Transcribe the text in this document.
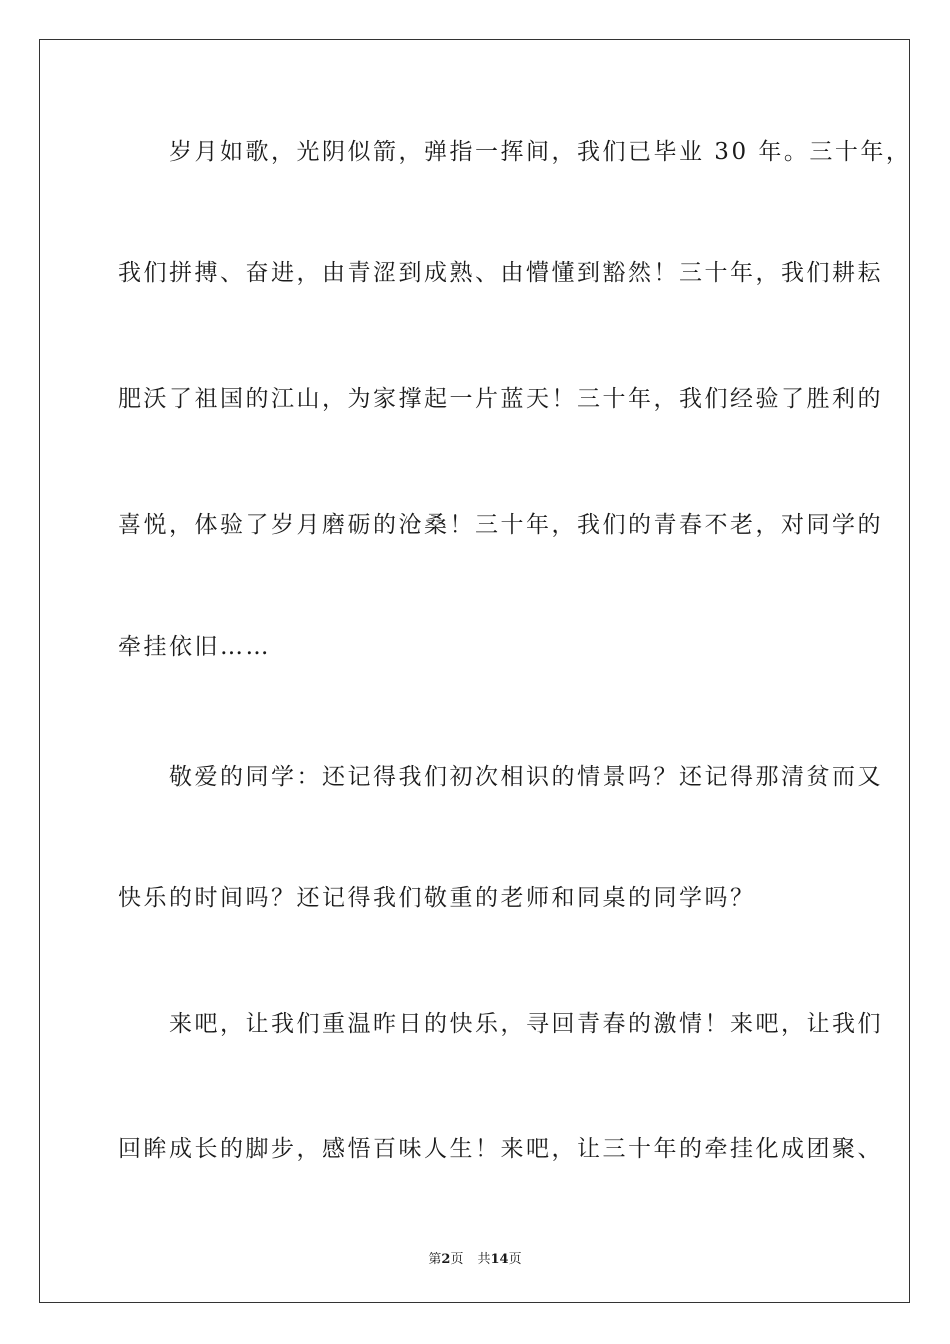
　　岁月如歌，光阴似箭，弹指一挥间，我们已毕业 30 年。三十年，
我们拼搏、奋进，由青涩到成熟、由懵懂到豁然！三十年，我们耕耘
肥沃了祖国的江山，为家撑起一片蓝天！三十年，我们经验了胜利的
喜悦，体验了岁月磨砺的沧桑！三十年，我们的青春不老，对同学的
牵挂依旧……
　　敬爱的同学：还记得我们初次相识的情景吗？还记得那清贫而又
快乐的时间吗？还记得我们敬重的老师和同桌的同学吗？
　　来吧，让我们重温昨日的快乐，寻回青春的激情！来吧，让我们
回眸成长的脚步，感悟百味人生！来吧，让三十年的牵挂化成团聚、
第2页 共14页
